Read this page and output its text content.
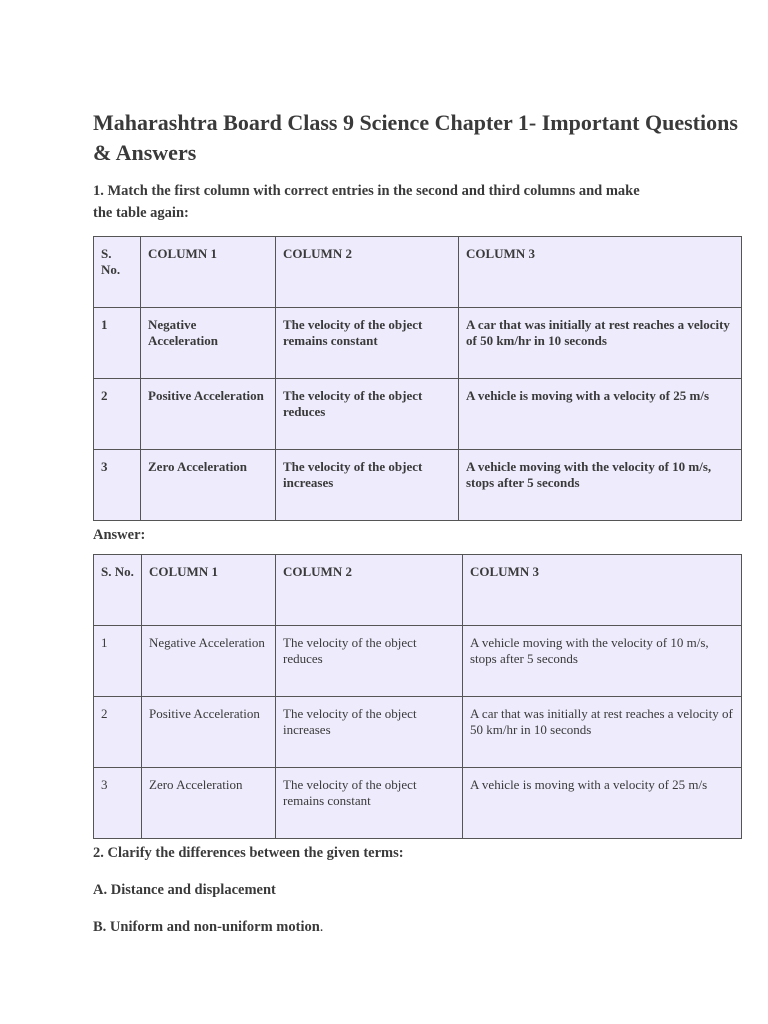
Maharashtra Board Class 9 Science Chapter 1- Important Questions & Answers

1. Match the first column with correct entries in the second and third columns and make the table again:

S. No.	COLUMN 1	COLUMN 2	COLUMN 3
1	Negative Acceleration	The velocity of the object remains constant	A car that was initially at rest reaches a velocity of 50 km/hr in 10 seconds
2	Positive Acceleration	The velocity of the object reduces	A vehicle is moving with a velocity of 25 m/s
3	Zero Acceleration	The velocity of the object increases	A vehicle moving with the velocity of 10 m/s, stops after 5 seconds
Answer:
S. No.	COLUMN 1	COLUMN 2	COLUMN 3
1	Negative Acceleration	The velocity of the object reduces	A vehicle moving with the velocity of 10 m/s, stops after 5 seconds
2	Positive Acceleration	The velocity of the object increases	A car that was initially at rest reaches a velocity of 50 km/hr in 10 seconds
3	Zero Acceleration	The velocity of the object remains constant	A vehicle is moving with a velocity of 25 m/s

2. Clarify the differences between the given terms:

A. Distance and displacement

B. Uniform and non-uniform motion.
